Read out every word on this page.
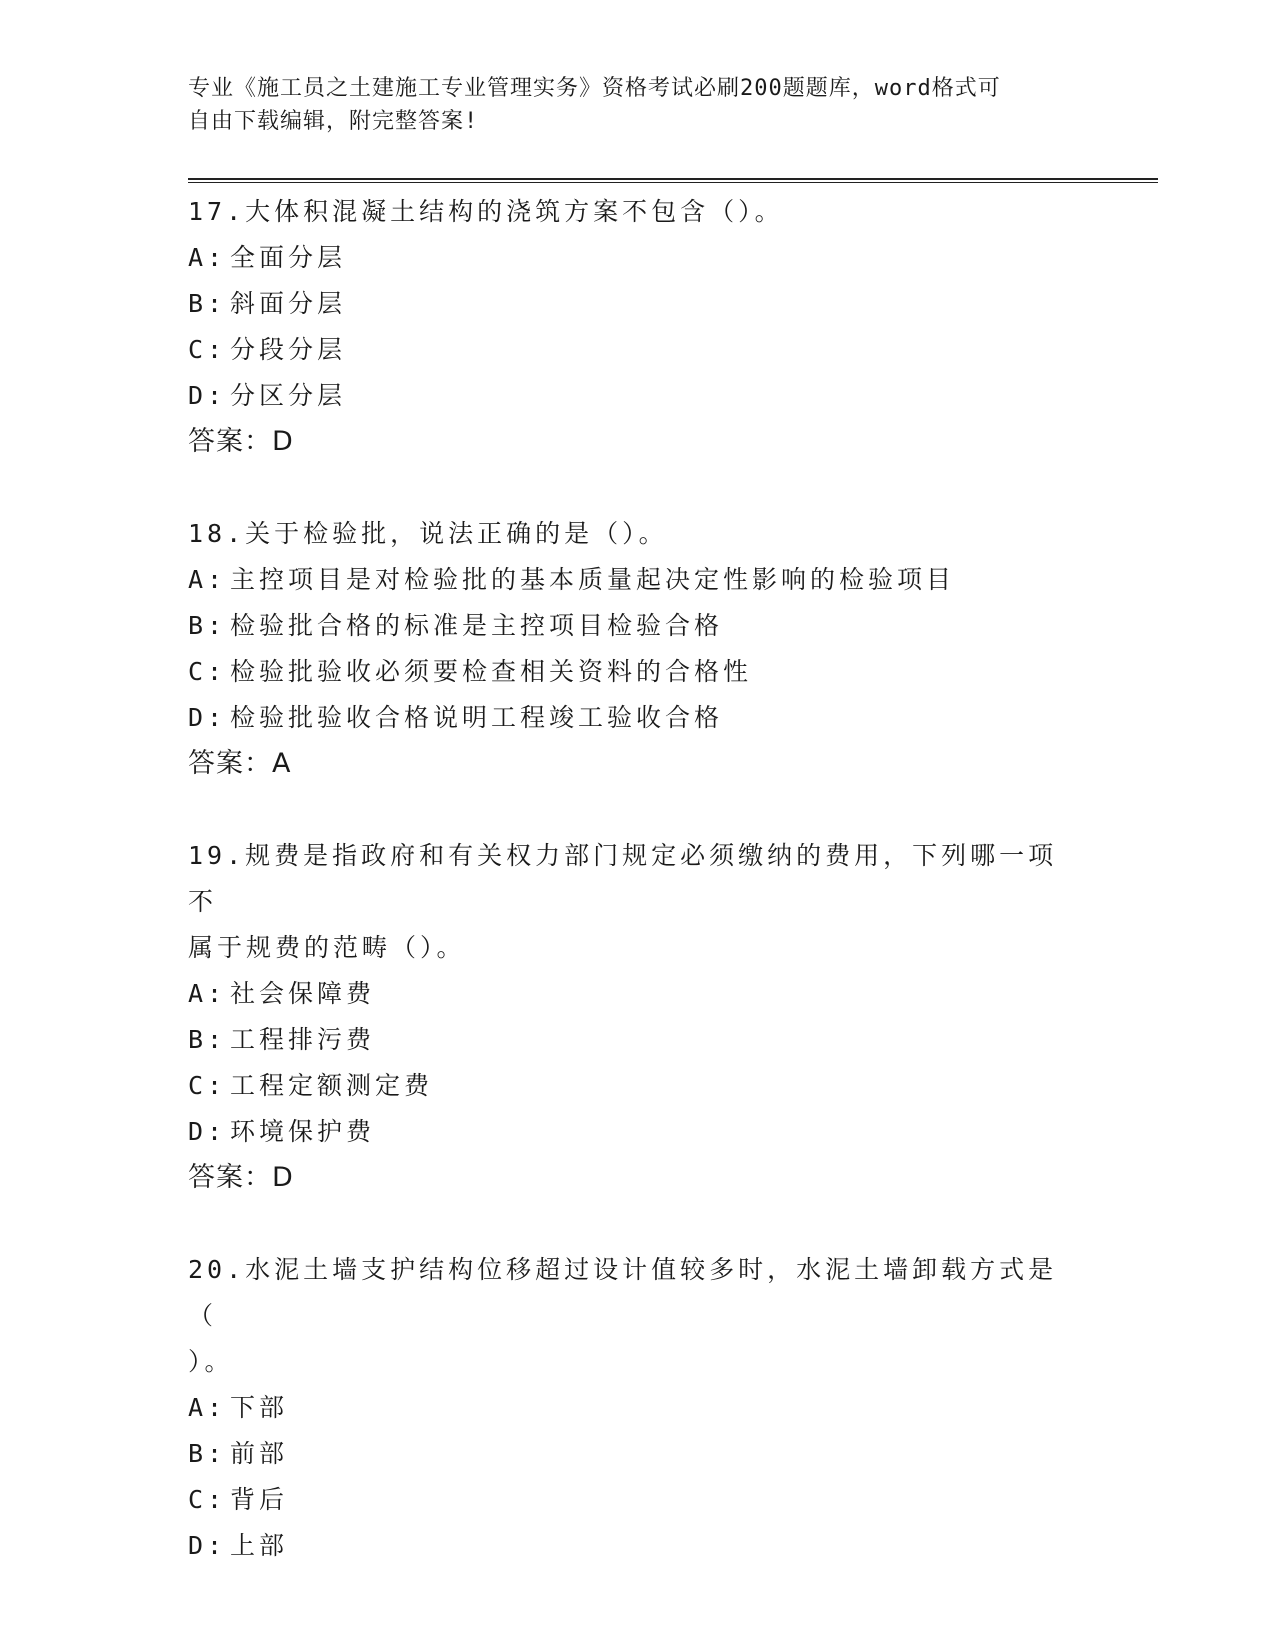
专业《施工员之土建施工专业管理实务》资格考试必刷200题题库，word格式可
自由下载编辑，附完整答案!
17.大体积混凝土结构的浇筑方案不包含（）。
A: 全面分层
B: 斜面分层
C: 分段分层
D: 分区分层
答案：D
18.关于检验批，说法正确的是（）。
A: 主控项目是对检验批的基本质量起决定性影响的检验项目
B: 检验批合格的标准是主控项目检验合格
C: 检验批验收必须要检查相关资料的合格性
D: 检验批验收合格说明工程竣工验收合格
答案：A
19.规费是指政府和有关权力部门规定必须缴纳的费用，下列哪一项不
属于规费的范畴（）。
A: 社会保障费
B: 工程排污费
C: 工程定额测定费
D: 环境保护费
答案：D
20.水泥土墙支护结构位移超过设计值较多时，水泥土墙卸载方式是（
）。
A: 下部
B: 前部
C: 背后
D: 上部
